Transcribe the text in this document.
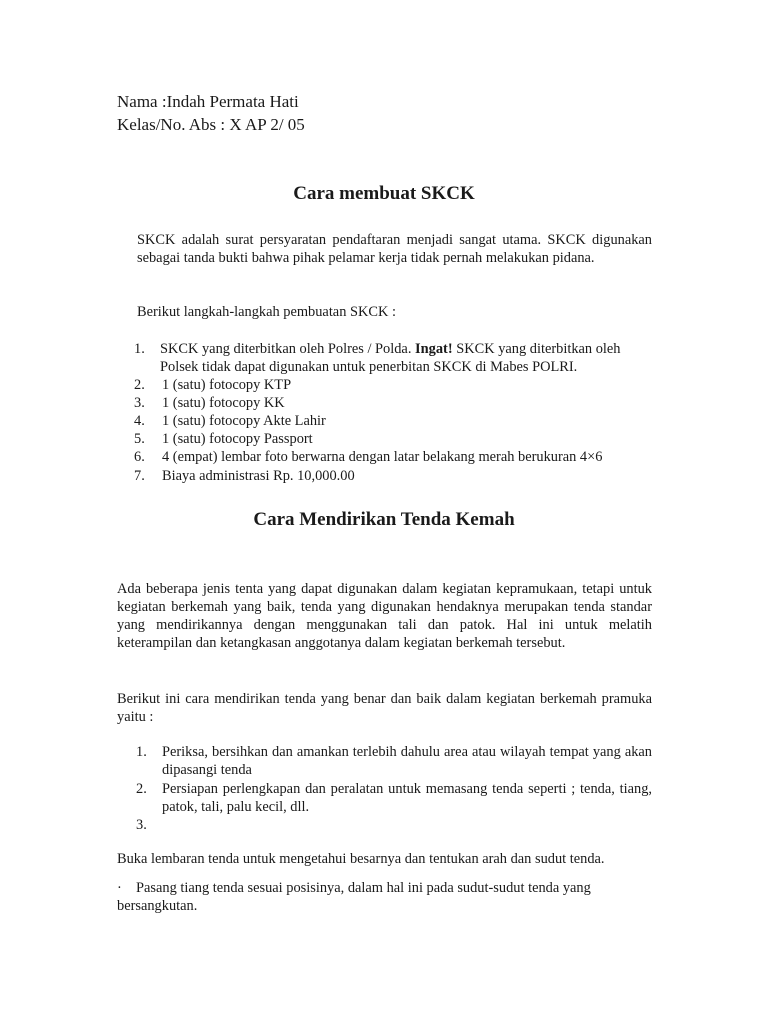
Nama :Indah Permata Hati
Kelas/No. Abs : X AP 2/ 05
Cara membuat SKCK
SKCK adalah surat persyaratan pendaftaran menjadi sangat utama. SKCK digunakan sebagai tanda bukti bahwa pihak pelamar kerja tidak pernah melakukan pidana.
Berikut langkah-langkah pembuatan SKCK :
1. SKCK yang diterbitkan oleh Polres / Polda. Ingat! SKCK yang diterbitkan oleh Polsek tidak dapat digunakan untuk penerbitan SKCK di Mabes POLRI.
2. 1 (satu) fotocopy KTP
3. 1 (satu) fotocopy KK
4. 1 (satu) fotocopy Akte Lahir
5. 1 (satu) fotocopy Passport
6. 4 (empat) lembar foto berwarna dengan latar belakang merah berukuran 4×6
7. Biaya administrasi Rp. 10,000.00
Cara Mendirikan Tenda Kemah
Ada beberapa jenis tenta yang dapat digunakan dalam kegiatan kepramukaan, tetapi untuk kegiatan berkemah yang baik, tenda yang digunakan hendaknya merupakan tenda standar yang mendirikannya dengan menggunakan tali dan patok. Hal ini untuk melatih keterampilan dan ketangkasan anggotanya dalam kegiatan berkemah tersebut.
Berikut ini cara mendirikan tenda yang benar dan baik dalam kegiatan berkemah pramuka yaitu :
1. Periksa, bersihkan dan amankan terlebih dahulu area atau wilayah tempat yang akan dipasangi tenda
2. Persiapan perlengkapan dan peralatan untuk memasang tenda seperti ; tenda, tiang, patok, tali, palu kecil, dll.
3.
Buka lembaran tenda untuk mengetahui besarnya dan tentukan arah dan sudut tenda.
· Pasang tiang tenda sesuai posisinya, dalam hal ini pada sudut-sudut tenda yang bersangkutan.
